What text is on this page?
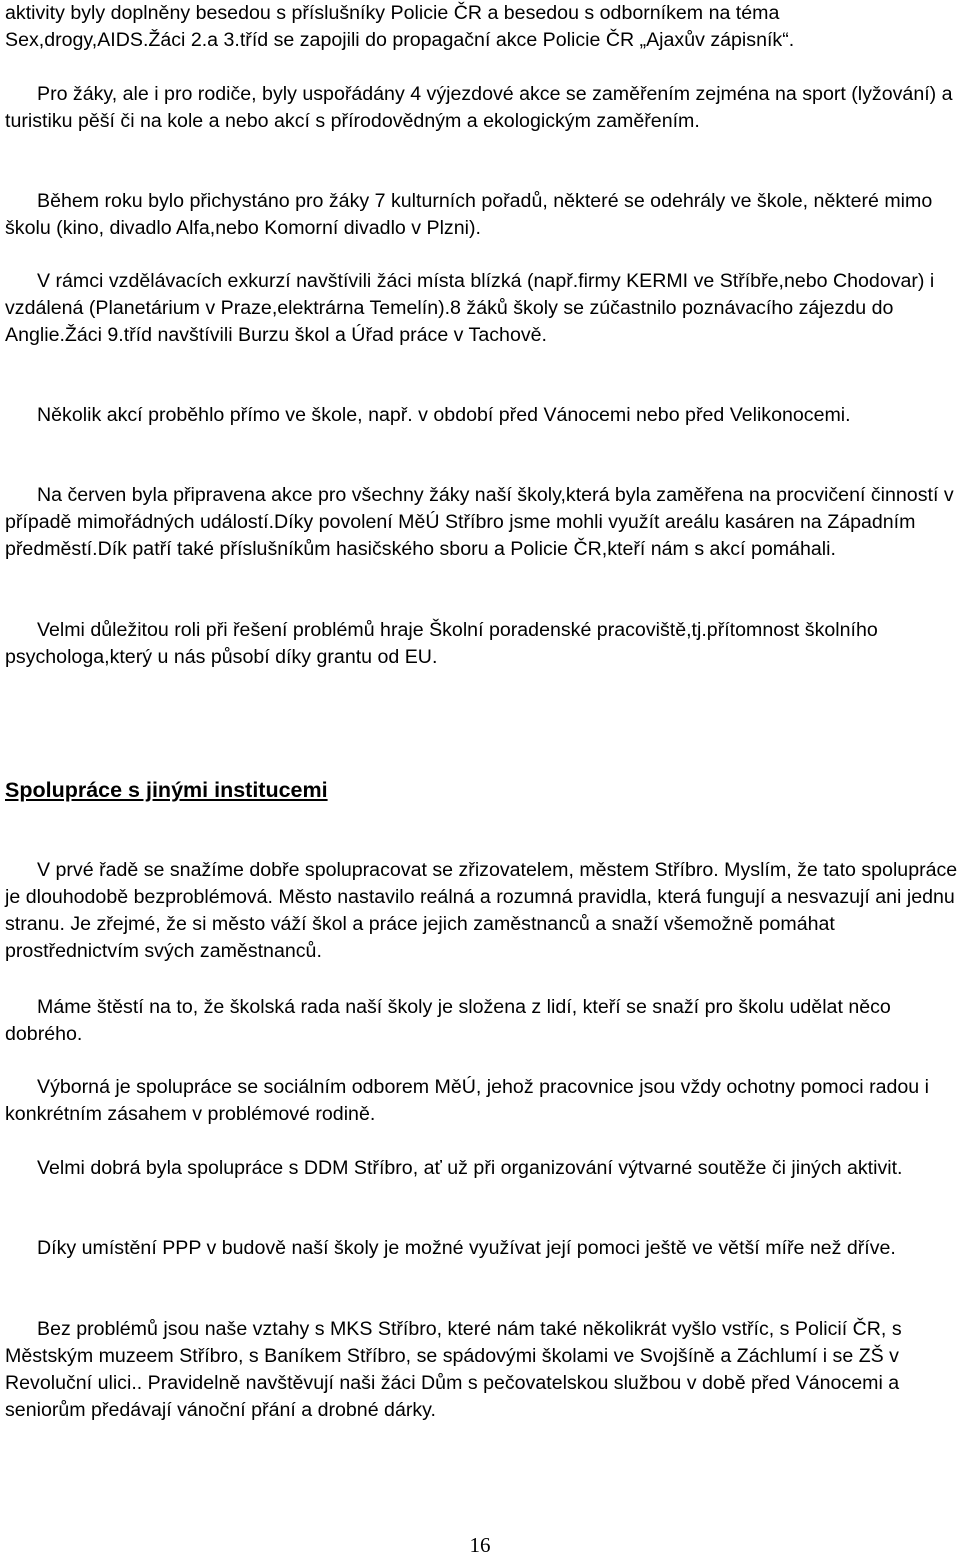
aktivity byly doplněny besedou s příslušníky Policie ČR a besedou s odborníkem na téma Sex,drogy,AIDS.Žáci 2.a 3.tříd se zapojili do propagační akce Policie ČR „Ajaxův zápisník“.

Pro žáky, ale i pro rodiče, byly uspořádány 4 výjezdové akce se zaměřením zejména na sport (lyžování) a turistiku pěší či na kole a nebo akcí s přírodovědným a ekologickým zaměřením.

Během roku bylo přichystáno pro žáky 7 kulturních pořadů, některé se odehrály ve škole, některé mimo školu (kino, divadlo Alfa,nebo Komorní divadlo v Plzni).

V rámci vzdělávacích exkurzí navštívili žáci místa blízká (např.firmy KERMI ve Stříbře,nebo Chodovar) i vzdálená (Planetárium v Praze,elektrárna Temelín).8 žáků školy se zúčastnilo poznávacího zájezdu do Anglie.Žáci 9.tříd navštívili Burzu škol a Úřad práce v Tachově.

Několik akcí proběhlo přímo ve škole, např. v období před Vánocemi nebo před Velikonocemi.

Na červen byla připravena akce pro všechny žáky naší školy,která byla zaměřena na procvičení činností v případě mimořádných událostí.Díky povolení MěÚ Stříbro jsme mohli využít areálu kasáren na Západním předměstí.Dík patří také příslušníkům hasičského sboru a Policie ČR,kteří nám s akcí pomáhali.

Velmi důležitou roli při řešení problémů hraje Školní poradenské pracoviště,tj.přítomnost školního psychologa,který u nás působí díky grantu od EU.

Spolupráce s jinými institucemi

V prvé řadě se snažíme dobře spolupracovat se zřizovatelem, městem Stříbro. Myslím, že tato spolupráce je dlouhodobě bezproblémová. Město nastavilo reálná a rozumná pravidla, která fungují a nesvazují ani jednu stranu. Je zřejmé, že si město váží škol a práce jejich zaměstnanců a snaží všemožně pomáhat prostřednictvím svých zaměstnanců.

Máme štěstí na to, že školská rada naší školy je složena z lidí, kteří se snaží pro školu udělat něco dobrého.

Výborná je spolupráce se sociálním odborem MěÚ, jehož pracovnice jsou vždy ochotny pomoci radou i konkrétním zásahem v problémové rodině.

Velmi dobrá byla spolupráce s DDM Stříbro, ať už při organizování výtvarné soutěže či jiných aktivit.

Díky umístění PPP v budově naší školy je možné využívat její pomoci ještě ve větší míře než dříve.

Bez problémů jsou naše vztahy s MKS Stříbro, které nám také několikrát vyšlo vstříc, s Policií ČR, s Městským muzeem Stříbro, s Baníkem Stříbro, se spádovými školami ve Svojšíně a Záchlumí i se ZŠ v Revoluční ulici.. Pravidelně navštěvují naši žáci Dům s pečovatelskou službou v době před Vánocemi a seniorům předávají vánoční přání a drobné dárky.

16
